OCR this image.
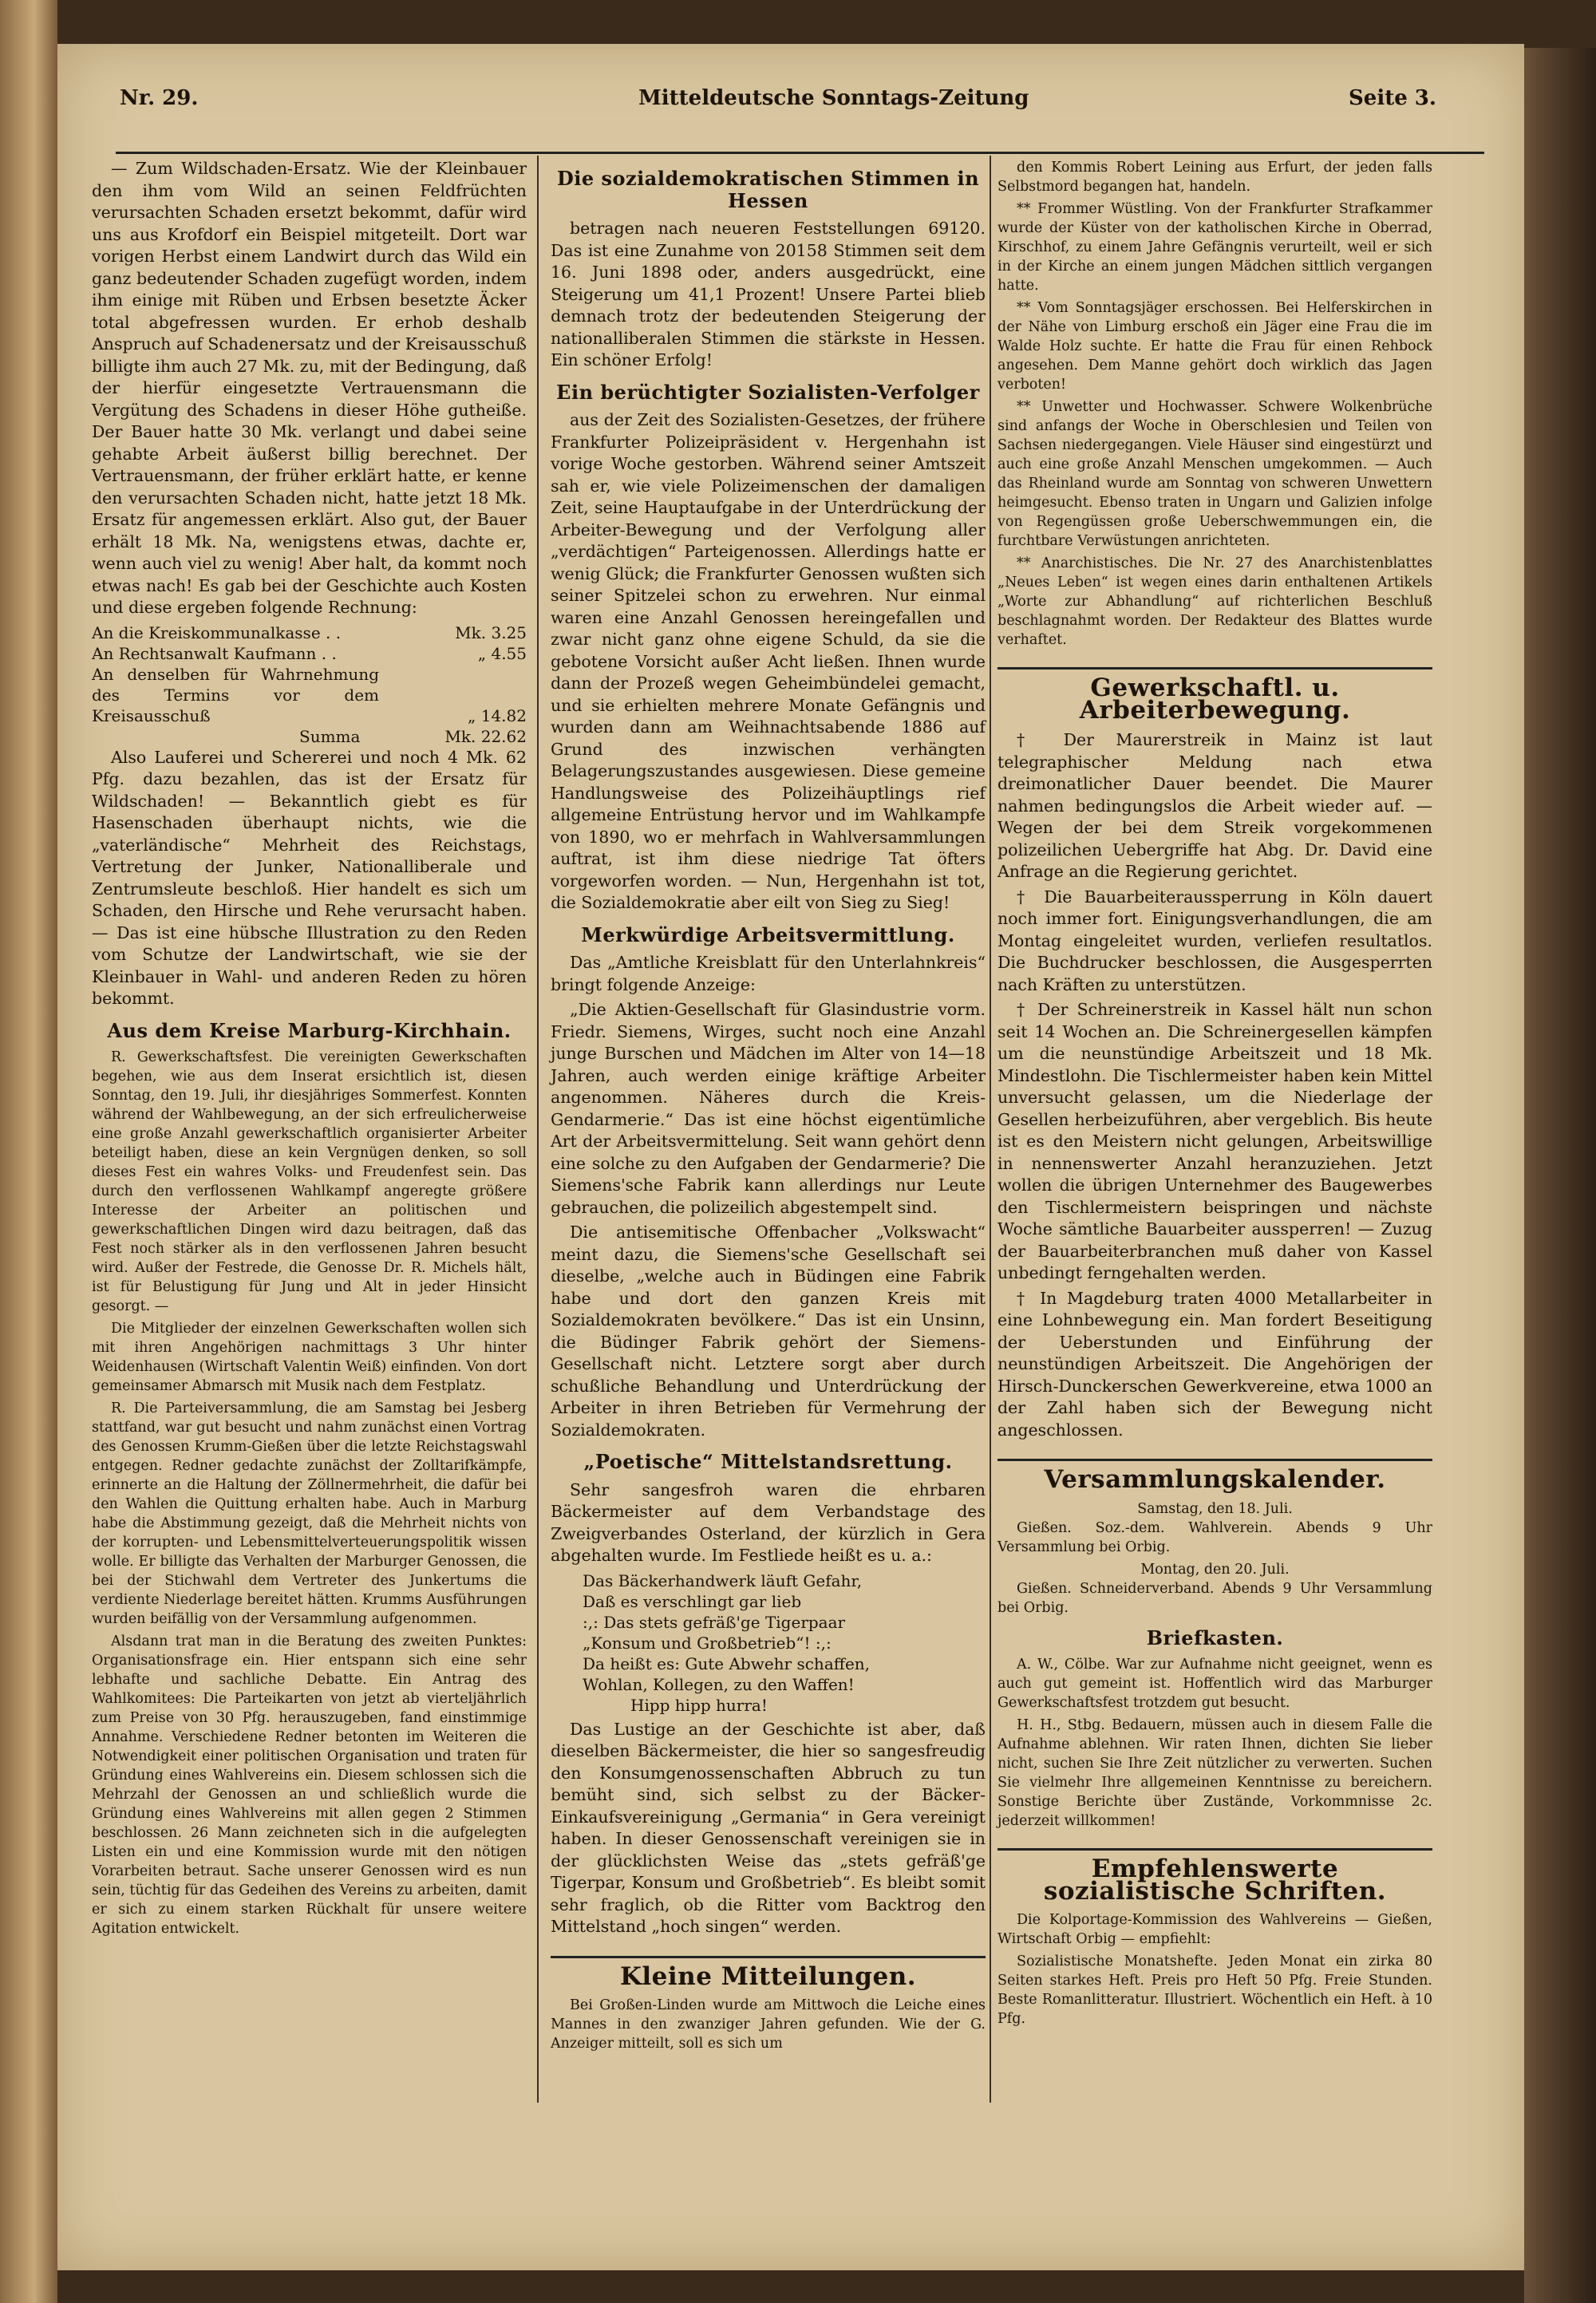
Nr. 29.	Mitteldeutsche Sonntags-Zeitung	Seite 3.

— Zum Wildschaden-Ersatz. Wie der Kleinbauer den ihm vom Wild an seinen Feldfrüchten verursachten Schaden ersetzt bekommt, dafür wird uns aus Krofdorf ein Beispiel mitgeteilt. Dort war vorigen Herbst einem Landwirt durch das Wild ein ganz bedeutender Schaden zugefügt worden, indem ihm einige mit Rüben und Erbsen besetzte Äcker total abgefressen wurden. Er erhob deshalb Anspruch auf Schadenersatz und der Kreisausschuß billigte ihm auch 27 Mk. zu, mit der Bedingung, daß der hierfür eingesetzte Vertrauensmann die Vergütung des Schadens in dieser Höhe gutheiße. Der Bauer hatte 30 Mk. verlangt und dabei seine gehabte Arbeit äußerst billig berechnet. Der Vertrauensmann, der früher erklärt hatte, er kenne den verursachten Schaden nicht, hatte jetzt 18 Mk. Ersatz für angemessen erklärt. Also gut, der Bauer erhält 18 Mk. Na, wenigstens etwas, dachte er, wenn auch viel zu wenig! Aber halt, da kommt noch etwas nach! Es gab bei der Geschichte auch Kosten und diese ergeben folgende Rechnung:

An die Kreiskommunalkasse . .	Mk. 3.25
An Rechtsanwalt Kaufmann . .	„ 4.55
An denselben für Wahrnehmung des Termins vor dem Kreisausschuß	„ 14.82
Summa	Mk. 22.62

Also Lauferei und Schererei und noch 4 Mk. 62 Pfg. dazu bezahlen, das ist der Ersatz für Wildschaden! — Bekanntlich giebt es für Hasenschaden überhaupt nichts, wie die „vaterländische“ Mehrheit des Reichstags, Vertretung der Junker, Nationalliberale und Zentrumsleute beschloß. Hier handelt es sich um Schaden, den Hirsche und Rehe verursacht haben. — Das ist eine hübsche Illustration zu den Reden vom Schutze der Landwirtschaft, wie sie der Kleinbauer in Wahl- und anderen Reden zu hören bekommt.

Aus dem Kreise Marburg-Kirchhain.

R. Gewerkschaftsfest. Die vereinigten Gewerkschaften begehen, wie aus dem Inserat ersichtlich ist, diesen Sonntag, den 19. Juli, ihr diesjähriges Sommerfest. Konnten während der Wahlbewegung, an der sich erfreulicherweise eine große Anzahl gewerkschaftlich organisierter Arbeiter beteiligt haben, diese an kein Vergnügen denken, so soll dieses Fest ein wahres Volks- und Freudenfest sein. Das durch den verflossenen Wahlkampf angeregte größere Interesse der Arbeiter an politischen und gewerkschaftlichen Dingen wird dazu beitragen, daß das Fest noch stärker als in den verflossenen Jahren besucht wird. Außer der Festrede, die Genosse Dr. R. Michels hält, ist für Belustigung für Jung und Alt in jeder Hinsicht gesorgt. —

Die Mitglieder der einzelnen Gewerkschaften wollen sich mit ihren Angehörigen nachmittags 3 Uhr hinter Weidenhausen (Wirtschaft Valentin Weiß) einfinden. Von dort gemeinsamer Abmarsch mit Musik nach dem Festplatz.

R. Die Parteiversammlung, die am Samstag bei Jesberg stattfand, war gut besucht und nahm zunächst einen Vortrag des Genossen Krumm-Gießen über die letzte Reichstagswahl entgegen. Redner gedachte zunächst der Zolltarifkämpfe, erinnerte an die Haltung der Zöllnermehrheit, die dafür bei den Wahlen die Quittung erhalten habe. Auch in Marburg habe die Abstimmung gezeigt, daß die Mehrheit nichts von der korrupten- und Lebensmittelverteuerungspolitik wissen wolle. Er billigte das Verhalten der Marburger Genossen, die bei der Stichwahl dem Vertreter des Junkertums die verdiente Niederlage bereitet hätten. Krumms Ausführungen wurden beifällig von der Versammlung aufgenommen.

Alsdann trat man in die Beratung des zweiten Punktes: Organisationsfrage ein. Hier entspann sich eine sehr lebhafte und sachliche Debatte. Ein Antrag des Wahlkomitees: Die Parteikarten von jetzt ab vierteljährlich zum Preise von 30 Pfg. herauszugeben, fand einstimmige Annahme. Verschiedene Redner betonten im Weiteren die Notwendigkeit einer politischen Organisation und traten für Gründung eines Wahlvereins ein. Diesem schlossen sich die Mehrzahl der Genossen an und schließlich wurde die Gründung eines Wahlvereins mit allen gegen 2 Stimmen beschlossen. 26 Mann zeichneten sich in die aufgelegten Listen ein und eine Kommission wurde mit den nötigen Vorarbeiten betraut. Sache unserer Genossen wird es nun sein, tüchtig für das Gedeihen des Vereins zu arbeiten, damit er sich zu einem starken Rückhalt für unsere weitere Agitation entwickelt.

Die sozialdemokratischen Stimmen in Hessen

betragen nach neueren Feststellungen 69120. Das ist eine Zunahme von 20158 Stimmen seit dem 16. Juni 1898 oder, anders ausgedrückt, eine Steigerung um 41,1 Prozent! Unsere Partei blieb demnach trotz der bedeutenden Steigerung der nationalliberalen Stimmen die stärkste in Hessen. Ein schöner Erfolg!

Ein berüchtigter Sozialisten-Verfolger

aus der Zeit des Sozialisten-Gesetzes, der frühere Frankfurter Polizeipräsident v. Hergenhahn ist vorige Woche gestorben. Während seiner Amtszeit sah er, wie viele Polizeimenschen der damaligen Zeit, seine Hauptaufgabe in der Unterdrückung der Arbeiter-Bewegung und der Verfolgung aller „verdächtigen“ Parteigenossen. Allerdings hatte er wenig Glück; die Frankfurter Genossen wußten sich seiner Spitzelei schon zu erwehren. Nur einmal waren eine Anzahl Genossen hereingefallen und zwar nicht ganz ohne eigene Schuld, da sie die gebotene Vorsicht außer Acht ließen. Ihnen wurde dann der Prozeß wegen Geheimbündelei gemacht, und sie erhielten mehrere Monate Gefängnis und wurden dann am Weihnachtsabende 1886 auf Grund des inzwischen verhängten Belagerungszustandes ausgewiesen. Diese gemeine Handlungsweise des Polizeihäuptlings rief allgemeine Entrüstung hervor und im Wahlkampfe von 1890, wo er mehrfach in Wahlversammlungen auftrat, ist ihm diese niedrige Tat öfters vorgeworfen worden. — Nun, Hergenhahn ist tot, die Sozialdemokratie aber eilt von Sieg zu Sieg!

Merkwürdige Arbeitsvermittlung.

Das „Amtliche Kreisblatt für den Unterlahnkreis“ bringt folgende Anzeige:

„Die Aktien-Gesellschaft für Glasindustrie vorm. Friedr. Siemens, Wirges, sucht noch eine Anzahl junge Burschen und Mädchen im Alter von 14—18 Jahren, auch werden einige kräftige Arbeiter angenommen. Näheres durch die Kreis-Gendarmerie.“ Das ist eine höchst eigentümliche Art der Arbeitsvermittelung. Seit wann gehört denn eine solche zu den Aufgaben der Gendarmerie? Die Siemens'sche Fabrik kann allerdings nur Leute gebrauchen, die polizeilich abgestempelt sind.

Die antisemitische Offenbacher „Volkswacht“ meint dazu, die Siemens'sche Gesellschaft sei dieselbe, „welche auch in Büdingen eine Fabrik habe und dort den ganzen Kreis mit Sozialdemokraten bevölkere.“ Das ist ein Unsinn, die Büdinger Fabrik gehört der Siemens-Gesellschaft nicht. Letztere sorgt aber durch schußliche Behandlung und Unterdrückung der Arbeiter in ihren Betrieben für Vermehrung der Sozialdemokraten.

„Poetische“ Mittelstandsrettung.

Sehr sangesfroh waren die ehrbaren Bäckermeister auf dem Verbandstage des Zweigverbandes Osterland, der kürzlich in Gera abgehalten wurde. Im Festliede heißt es u. a.:

Das Bäckerhandwerk läuft Gefahr,
Daß es verschlingt gar lieb
:,: Das stets gefräß'ge Tigerpaar
„Konsum und Großbetrieb“! :,:
Da heißt es: Gute Abwehr schaffen,
Wohlan, Kollegen, zu den Waffen!
Hipp hipp hurra!

Das Lustige an der Geschichte ist aber, daß dieselben Bäckermeister, die hier so sangesfreudig den Konsumgenossenschaften Abbruch zu tun bemüht sind, sich selbst zu der Bäcker-Einkaufsvereinigung „Germania“ in Gera vereinigt haben. In dieser Genossenschaft vereinigen sie in der glücklichsten Weise das „stets gefräß'ge Tigerpar, Konsum und Großbetrieb“. Es bleibt somit sehr fraglich, ob die Ritter vom Backtrog den Mittelstand „hoch singen“ werden.

Kleine Mitteilungen.

Bei Großen-Linden wurde am Mittwoch die Leiche eines Mannes in den zwanziger Jahren gefunden. Wie der G. Anzeiger mitteilt, soll es sich um

den Kommis Robert Leining aus Erfurt, der jeden falls Selbstmord begangen hat, handeln.

** Frommer Wüstling. Von der Frankfurter Strafkammer wurde der Küster von der katholischen Kirche in Oberrad, Kirschhof, zu einem Jahre Gefängnis verurteilt, weil er sich in der Kirche an einem jungen Mädchen sittlich vergangen hatte.

** Vom Sonntagsjäger erschossen. Bei Helferskirchen in der Nähe von Limburg erschoß ein Jäger eine Frau die im Walde Holz suchte. Er hatte die Frau für einen Rehbock angesehen. Dem Manne gehört doch wirklich das Jagen verboten!

** Unwetter und Hochwasser. Schwere Wolkenbrüche sind anfangs der Woche in Oberschlesien und Teilen von Sachsen niedergegangen. Viele Häuser sind eingestürzt und auch eine große Anzahl Menschen umgekommen. — Auch das Rheinland wurde am Sonntag von schweren Unwettern heimgesucht. Ebenso traten in Ungarn und Galizien infolge von Regengüssen große Ueberschwemmungen ein, die furchtbare Verwüstungen anrichteten.

** Anarchistisches. Die Nr. 27 des Anarchistenblattes „Neues Leben“ ist wegen eines darin enthaltenen Artikels „Worte zur Abhandlung“ auf richterlichen Beschluß beschlagnahmt worden. Der Redakteur des Blattes wurde verhaftet.

Gewerkschaftl. u. Arbeiterbewegung.

† Der Maurerstreik in Mainz ist laut telegraphischer Meldung nach etwa dreimonatlicher Dauer beendet. Die Maurer nahmen bedingungslos die Arbeit wieder auf. — Wegen der bei dem Streik vorgekommenen polizeilichen Uebergriffe hat Abg. Dr. David eine Anfrage an die Regierung gerichtet.

† Die Bauarbeiteraussperrung in Köln dauert noch immer fort. Einigungsverhandlungen, die am Montag eingeleitet wurden, verliefen resultatlos. Die Buchdrucker beschlossen, die Ausgesperrten nach Kräften zu unterstützen.

† Der Schreinerstreik in Kassel hält nun schon seit 14 Wochen an. Die Schreinergesellen kämpfen um die neunstündige Arbeitszeit und 18 Mk. Mindestlohn. Die Tischlermeister haben kein Mittel unversucht gelassen, um die Niederlage der Gesellen herbeizuführen, aber vergeblich. Bis heute ist es den Meistern nicht gelungen, Arbeitswillige in nennenswerter Anzahl heranzuziehen. Jetzt wollen die übrigen Unternehmer des Baugewerbes den Tischlermeistern beispringen und nächste Woche sämtliche Bauarbeiter aussperren! — Zuzug der Bauarbeiterbranchen muß daher von Kassel unbedingt ferngehalten werden.

† In Magdeburg traten 4000 Metallarbeiter in eine Lohnbewegung ein. Man fordert Beseitigung der Ueberstunden und Einführung der neunstündigen Arbeitszeit. Die Angehörigen der Hirsch-Dunckerschen Gewerkvereine, etwa 1000 an der Zahl haben sich der Bewegung nicht angeschlossen.

Versammlungskalender.
Samstag, den 18. Juli.

Gießen. Soz.-dem. Wahlverein. Abends 9 Uhr Versammlung bei Orbig.

Montag, den 20. Juli.

Gießen. Schneiderverband. Abends 9 Uhr Versammlung bei Orbig.

Briefkasten.

A. W., Cölbe. War zur Aufnahme nicht geeignet, wenn es auch gut gemeint ist. Hoffentlich wird das Marburger Gewerkschaftsfest trotzdem gut besucht.

H. H., Stbg. Bedauern, müssen auch in diesem Falle die Aufnahme ablehnen. Wir raten Ihnen, dichten Sie lieber nicht, suchen Sie Ihre Zeit nützlicher zu verwerten. Suchen Sie vielmehr Ihre allgemeinen Kenntnisse zu bereichern. Sonstige Berichte über Zustände, Vorkommnisse 2c. jederzeit willkommen!

Empfehlenswerte sozialistische Schriften.

Die Kolportage-Kommission des Wahlvereins — Gießen, Wirtschaft Orbig — empfiehlt:

Sozialistische Monatshefte. Jeden Monat ein zirka 80 Seiten starkes Heft. Preis pro Heft 50 Pfg. Freie Stunden. Beste Romanlitteratur. Illustriert. Wöchentlich ein Heft. à 10 Pfg.
